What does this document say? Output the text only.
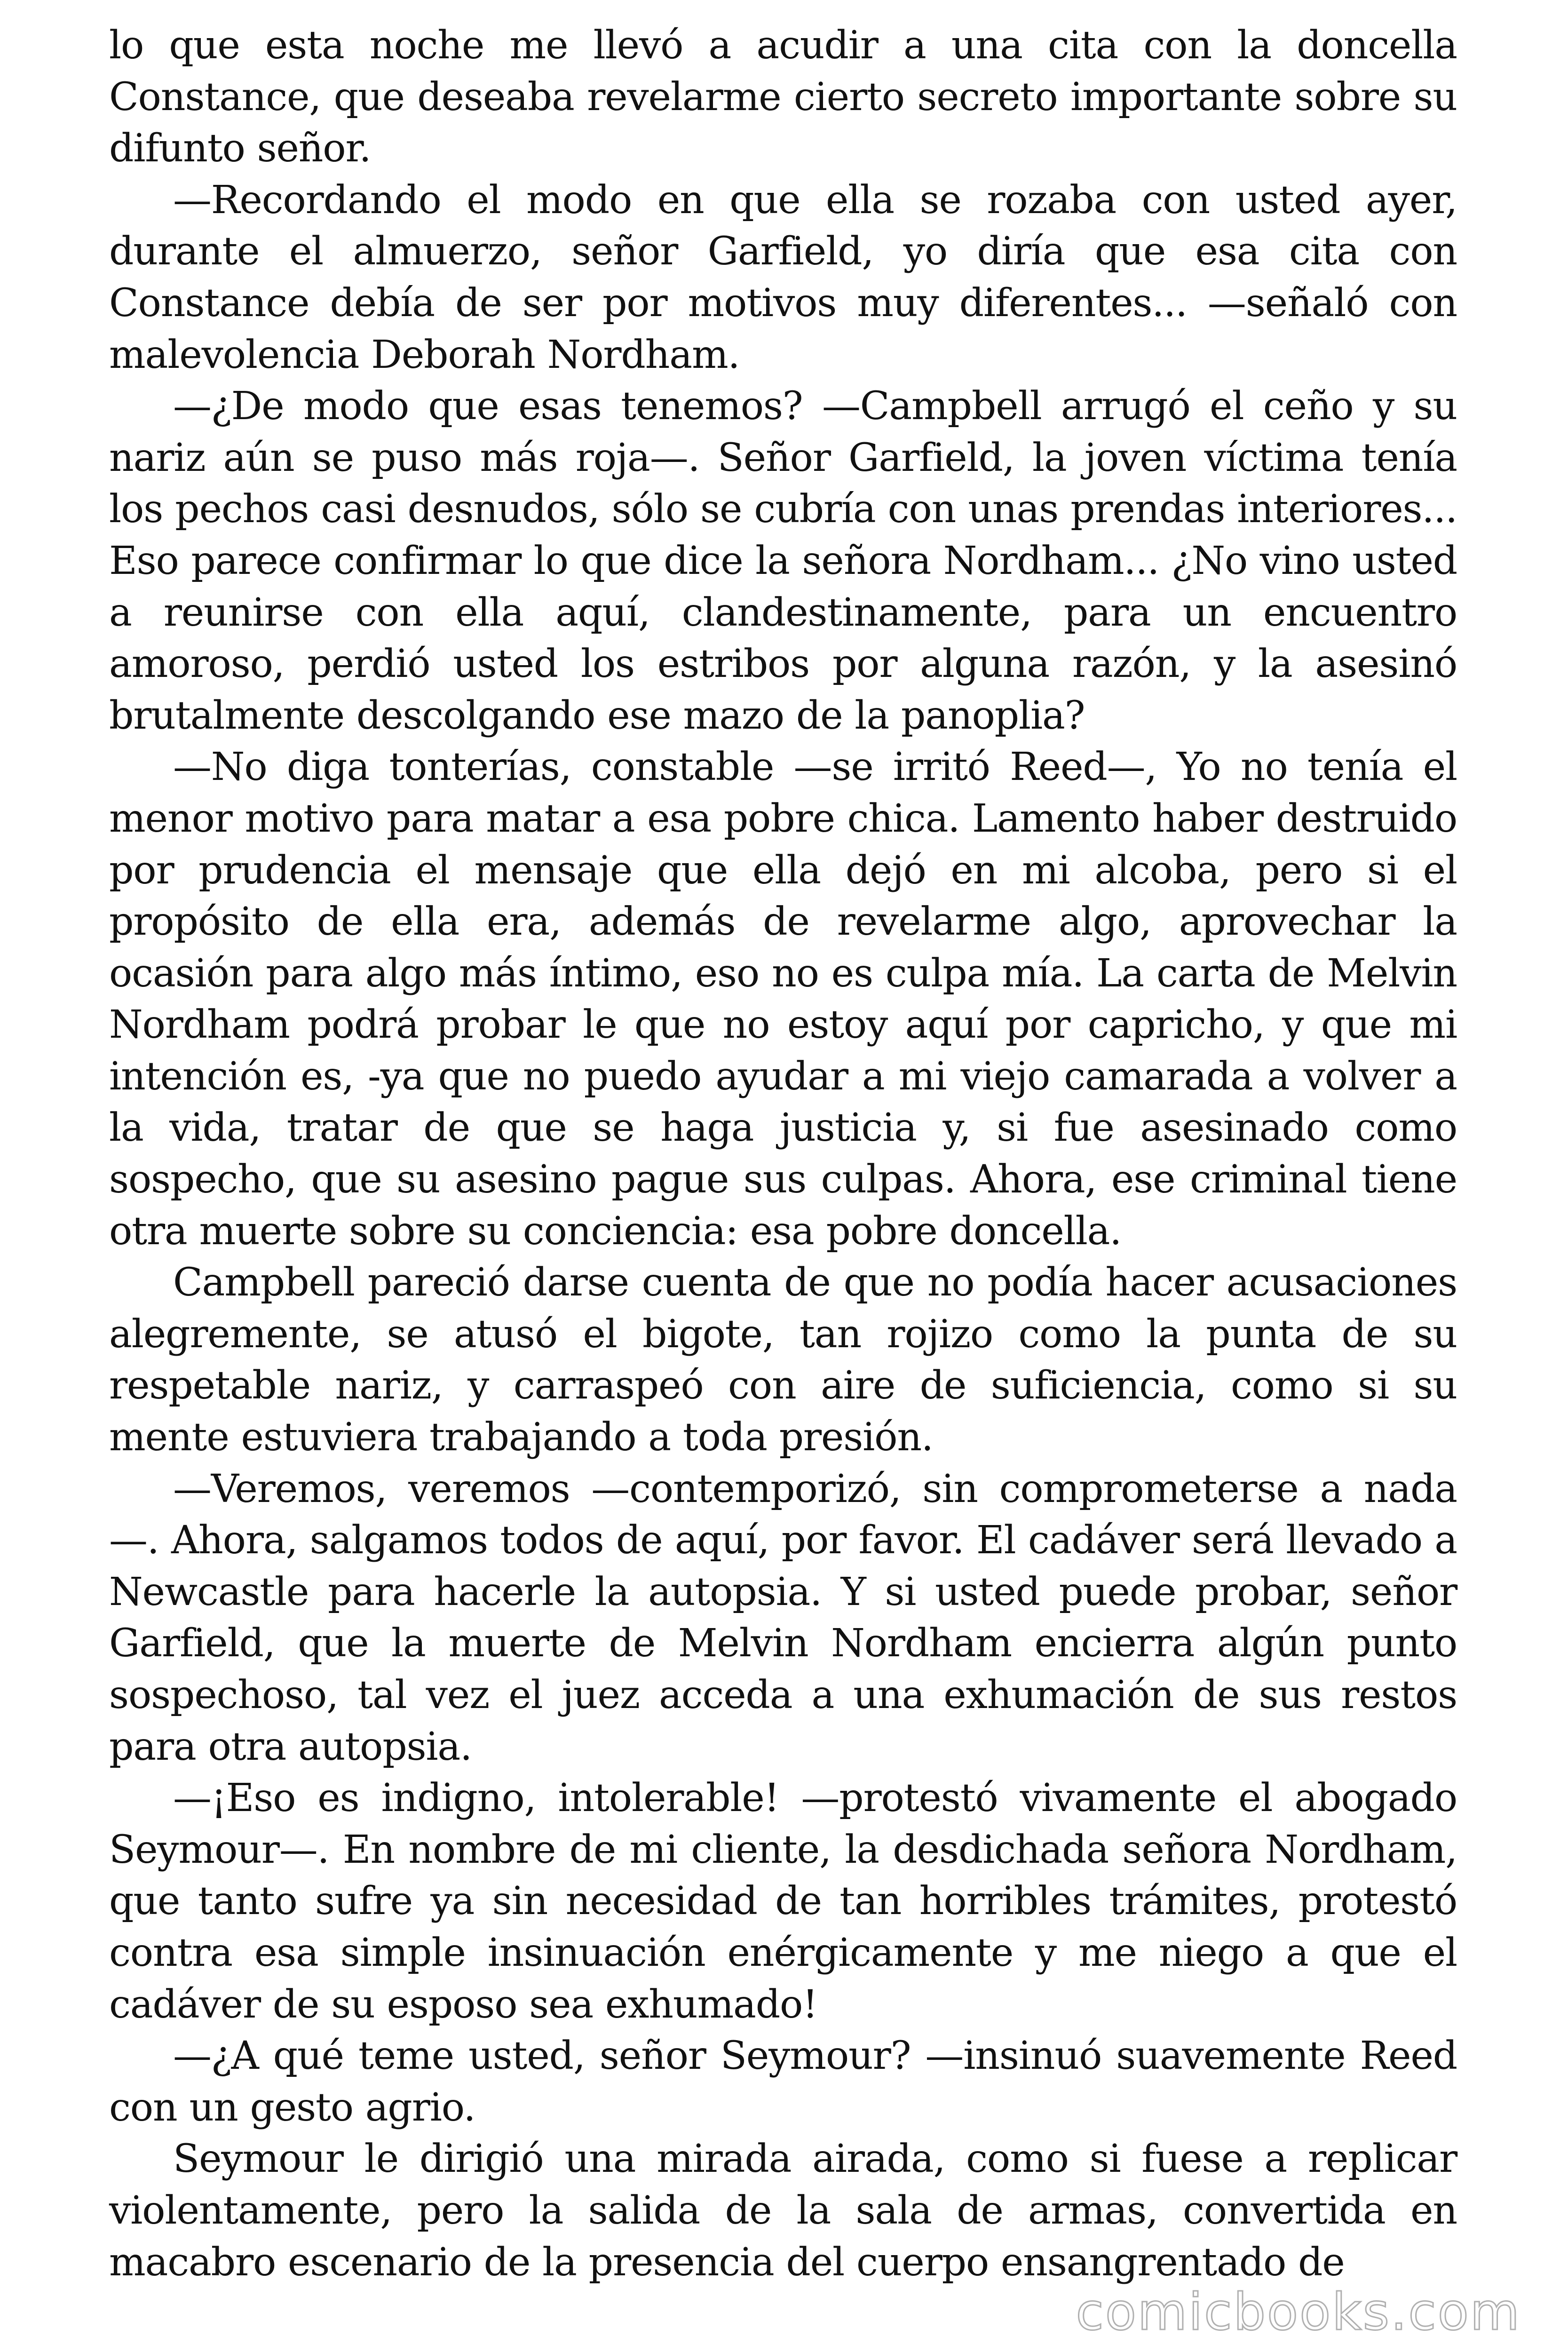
lo que esta noche me llevó a acudir a una cita con la doncella Constance, que deseaba revelarme cierto secreto importante sobre su difunto señor.

—Recordando el modo en que ella se rozaba con usted ayer, durante el almuerzo, señor Garfield, yo diría que esa cita con Constance debía de ser por motivos muy diferentes... —señaló con malevolencia Deborah Nordham.

—¿De modo que esas tenemos? —Campbell arrugó el ceño y su nariz aún se puso más roja—. Señor Garfield, la joven víctima tenía los pechos casi desnudos, sólo se cubría con unas prendas interiores... Eso parece confirmar lo que dice la señora Nordham... ¿No vino usted a reunirse con ella aquí, clandestinamente, para un encuentro amoroso, perdió usted los estribos por alguna razón, y la asesinó brutalmente descolgando ese mazo de la panoplia?

—No diga tonterías, constable —se irritó Reed—, Yo no tenía el menor motivo para matar a esa pobre chica. Lamento haber destruido por prudencia el mensaje que ella dejó en mi alcoba, pero si el propósito de ella era, además de revelarme algo, aprovechar la ocasión para algo más íntimo, eso no es culpa mía. La carta de Melvin Nordham podrá probar le que no estoy aquí por capricho, y que mi intención es, -ya que no puedo ayudar a mi viejo camarada a volver a la vida, tratar de que se haga justicia y, si fue asesinado como sospecho, que su asesino pague sus culpas. Ahora, ese criminal tiene otra muerte sobre su conciencia: esa pobre doncella.

Campbell pareció darse cuenta de que no podía hacer acusaciones alegremente, se atusó el bigote, tan rojizo como la punta de su respetable nariz, y carraspeó con aire de suficiencia, como si su mente estuviera trabajando a toda presión.

—Veremos, veremos —contemporizó, sin comprometerse a nada —. Ahora, salgamos todos de aquí, por favor. El cadáver será llevado a Newcastle para hacerle la autopsia. Y si usted puede probar, señor Garfield, que la muerte de Melvin Nordham encierra algún punto sospechoso, tal vez el juez acceda a una exhumación de sus restos para otra autopsia.

—¡Eso es indigno, intolerable! —protestó vivamente el abogado Seymour—. En nombre de mi cliente, la desdichada señora Nordham, que tanto sufre ya sin necesidad de tan horribles trámites, protestó contra esa simple insinuación enérgicamente y me niego a que el cadáver de su esposo sea exhumado!

—¿A qué teme usted, señor Seymour? —insinuó suavemente Reed con un gesto agrio.

Seymour le dirigió una mirada airada, como si fuese a replicar violentamente, pero la salida de la sala de armas, convertida en macabro escenario de la presencia del cuerpo ensangrentado de

comicbooks.com
